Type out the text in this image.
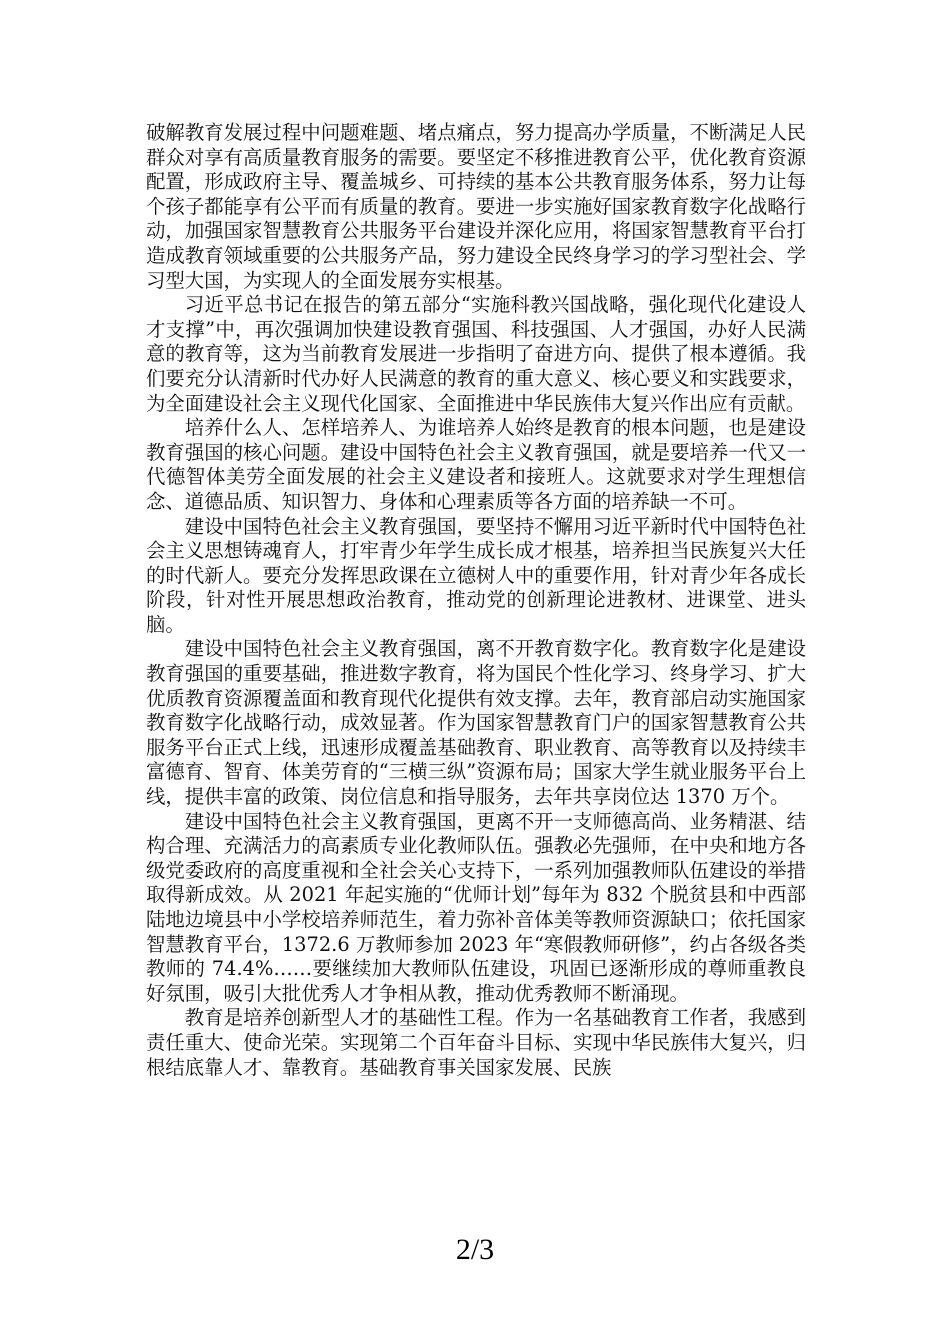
破解教育发展过程中问题难题、堵点痛点，努力提高办学质量，不断满足人民群众对享有高质量教育服务的需要。要坚定不移推进教育公平，优化教育资源配置，形成政府主导、覆盖城乡、可持续的基本公共教育服务体系，努力让每个孩子都能享有公平而有质量的教育。要进一步实施好国家教育数字化战略行动，加强国家智慧教育公共服务平台建设并深化应用，将国家智慧教育平台打造成教育领域重要的公共服务产品，努力建设全民终身学习的学习型社会、学习型大国，为实现人的全面发展夯实根基。

习近平总书记在报告的第五部分“实施科教兴国战略，强化现代化建设人才支撑”中，再次强调加快建设教育强国、科技强国、人才强国，办好人民满意的教育等，这为当前教育发展进一步指明了奋进方向、提供了根本遵循。我们要充分认清新时代办好人民满意的教育的重大意义、核心要义和实践要求，为全面建设社会主义现代化国家、全面推进中华民族伟大复兴作出应有贡献。

培养什么人、怎样培养人、为谁培养人始终是教育的根本问题，也是建设教育强国的核心问题。建设中国特色社会主义教育强国，就是要培养一代又一代德智体美劳全面发展的社会主义建设者和接班人。这就要求对学生理想信念、道德品质、知识智力、身体和心理素质等各方面的培养缺一不可。

建设中国特色社会主义教育强国，要坚持不懈用习近平新时代中国特色社会主义思想铸魂育人，打牢青少年学生成长成才根基，培养担当民族复兴大任的时代新人。要充分发挥思政课在立德树人中的重要作用，针对青少年各成长阶段，针对性开展思想政治教育，推动党的创新理论进教材、进课堂、进头脑。

建设中国特色社会主义教育强国，离不开教育数字化。教育数字化是建设教育强国的重要基础，推进数字教育，将为国民个性化学习、终身学习、扩大优质教育资源覆盖面和教育现代化提供有效支撑。去年，教育部启动实施国家教育数字化战略行动，成效显著。作为国家智慧教育门户的国家智慧教育公共服务平台正式上线，迅速形成覆盖基础教育、职业教育、高等教育以及持续丰富德育、智育、体美劳育的“三横三纵”资源布局；国家大学生就业服务平台上线，提供丰富的政策、岗位信息和指导服务，去年共享岗位达 1370 万个。

建设中国特色社会主义教育强国，更离不开一支师德高尚、业务精湛、结构合理、充满活力的高素质专业化教师队伍。强教必先强师，在中央和地方各级党委政府的高度重视和全社会关心支持下，一系列加强教师队伍建设的举措取得新成效。从 2021 年起实施的“优师计划”每年为 832 个脱贫县和中西部陆地边境县中小学校培养师范生，着力弥补音体美等教师资源缺口；依托国家智慧教育平台，1372.6 万教师参加 2023 年“寒假教师研修”，约占各级各类教师的 74.4%……要继续加大教师队伍建设，巩固已逐渐形成的尊师重教良好氛围，吸引大批优秀人才争相从教，推动优秀教师不断涌现。

教育是培养创新型人才的基础性工程。作为一名基础教育工作者，我感到责任重大、使命光荣。实现第二个百年奋斗目标、实现中华民族伟大复兴，归根结底靠人才、靠教育。基础教育事关国家发展、民族

2/3
